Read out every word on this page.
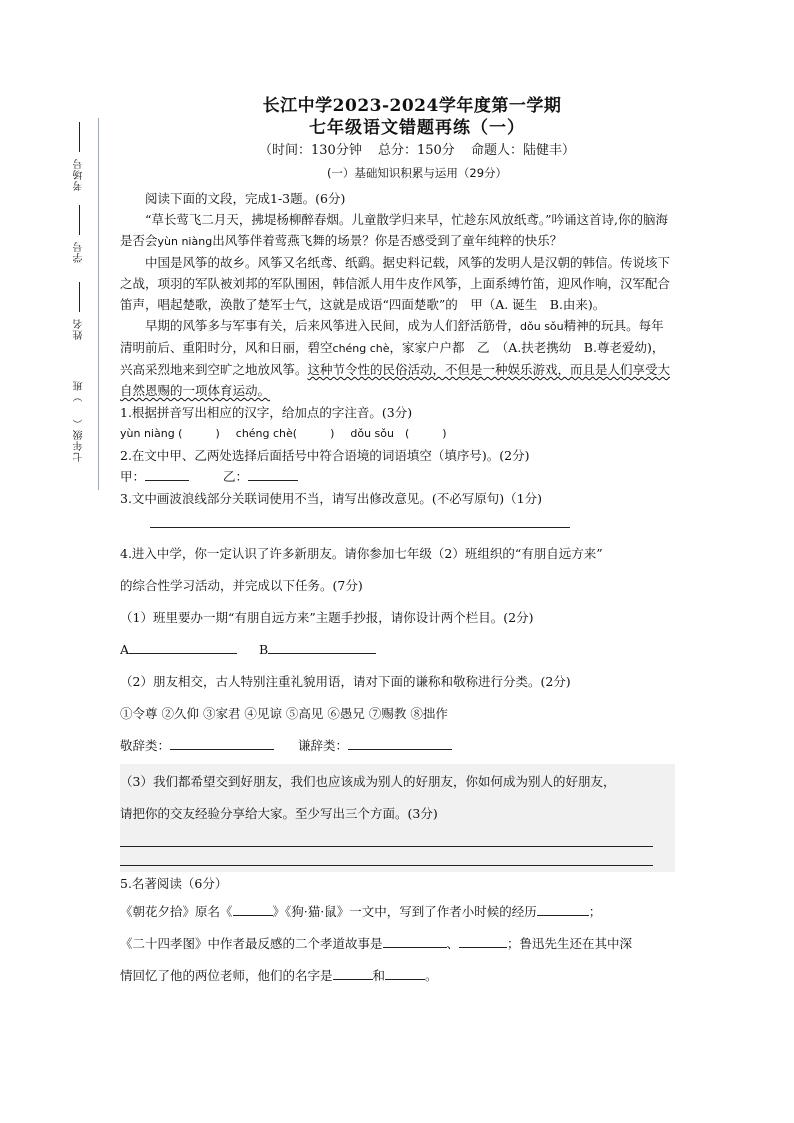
考场号
学号
姓名
七年级（
）班
长江中学2023-2024学年度第一学期
七年级语文错题再练（一）
（时间：130分钟 总分：150分 命题人：陆健丰）
(一）基础知识积累与运用（29分）

阅读下面的文段，完成1-3题。(6分)

“草长莺飞二月天，拂堤杨柳醉春烟。儿童散学归来早，忙趁东风放纸鸢。”吟诵这首诗,你的脑海是否会yùn niàng出风筝伴着莺燕飞舞的场景？你是否感受到了童年纯粹的快乐？

中国是风筝的故乡。风筝又名纸鸢、纸鹞。据史料记载，风筝的发明人是汉朝的韩信。传说垓下之战，项羽的军队被刘邦的军队围困，韩信派人用牛皮作风筝，上面系缚竹笛，迎风作响，汉军配合笛声，唱起楚歌，涣散了楚军士气，这就是成语“四面楚歌”的　甲（A. 诞生　B.由来)。

早期的风筝多与军事有关，后来风筝进入民间，成为人们舒活筋骨，dǒu sǒu精神的玩具。每年清明前后、重阳时分，风和日丽，碧空chéng chè，家家户户都　乙　（A.扶老携幼　B.尊老爱幼)，兴高采烈地来到空旷之地放风筝。这种节令性的民俗活动，不但是一种娱乐游戏，而且是人们享受大自然恩赐的一项体育运动。

1.根据拼音写出相应的汉字，给加点的字注音。(3分)

yùn niàng (　　　) chéng chè(　　　) dǒu sǒu　(　　　)

2.在文中甲、乙两处选择后面括号中符合语境的词语填空（填序号)。(2分)

甲：	乙：

3.文中画波浪线部分关联词使用不当，请写出修改意见。(不必写原句)（1分)

4.进入中学，你一定认识了许多新朋友。请你参加七年级（2）班组织的“有朋自远方来”

的综合性学习活动，并完成以下任务。(7分)

（1）班里要办一期“有朋自远方来”主题手抄报，请你设计两个栏目。(2分)

A	B

（2）朋友相交，古人特别注重礼貌用语，请对下面的谦称和敬称进行分类。(2分)

①令尊 ②久仰 ③家君 ④见谅 ⑤高见 ⑥愚兄 ⑦赐教 ⑧拙作

敬辞类：	谦辞类：

（3）我们都希望交到好朋友，我们也应该成为别人的好朋友，你如何成为别人的好朋友，

请把你的交友经验分享给大家。至少写出三个方面。(3分)

5.名著阅读（6分）

《朝花夕拾》原名《	》《狗·猫·鼠》一文中，写到了作者小时候的经历	；

《二十四孝图》中作者最反感的二个孝道故事是	、	；鲁迅先生还在其中深

情回忆了他的两位老师，他们的名字是	和	。
